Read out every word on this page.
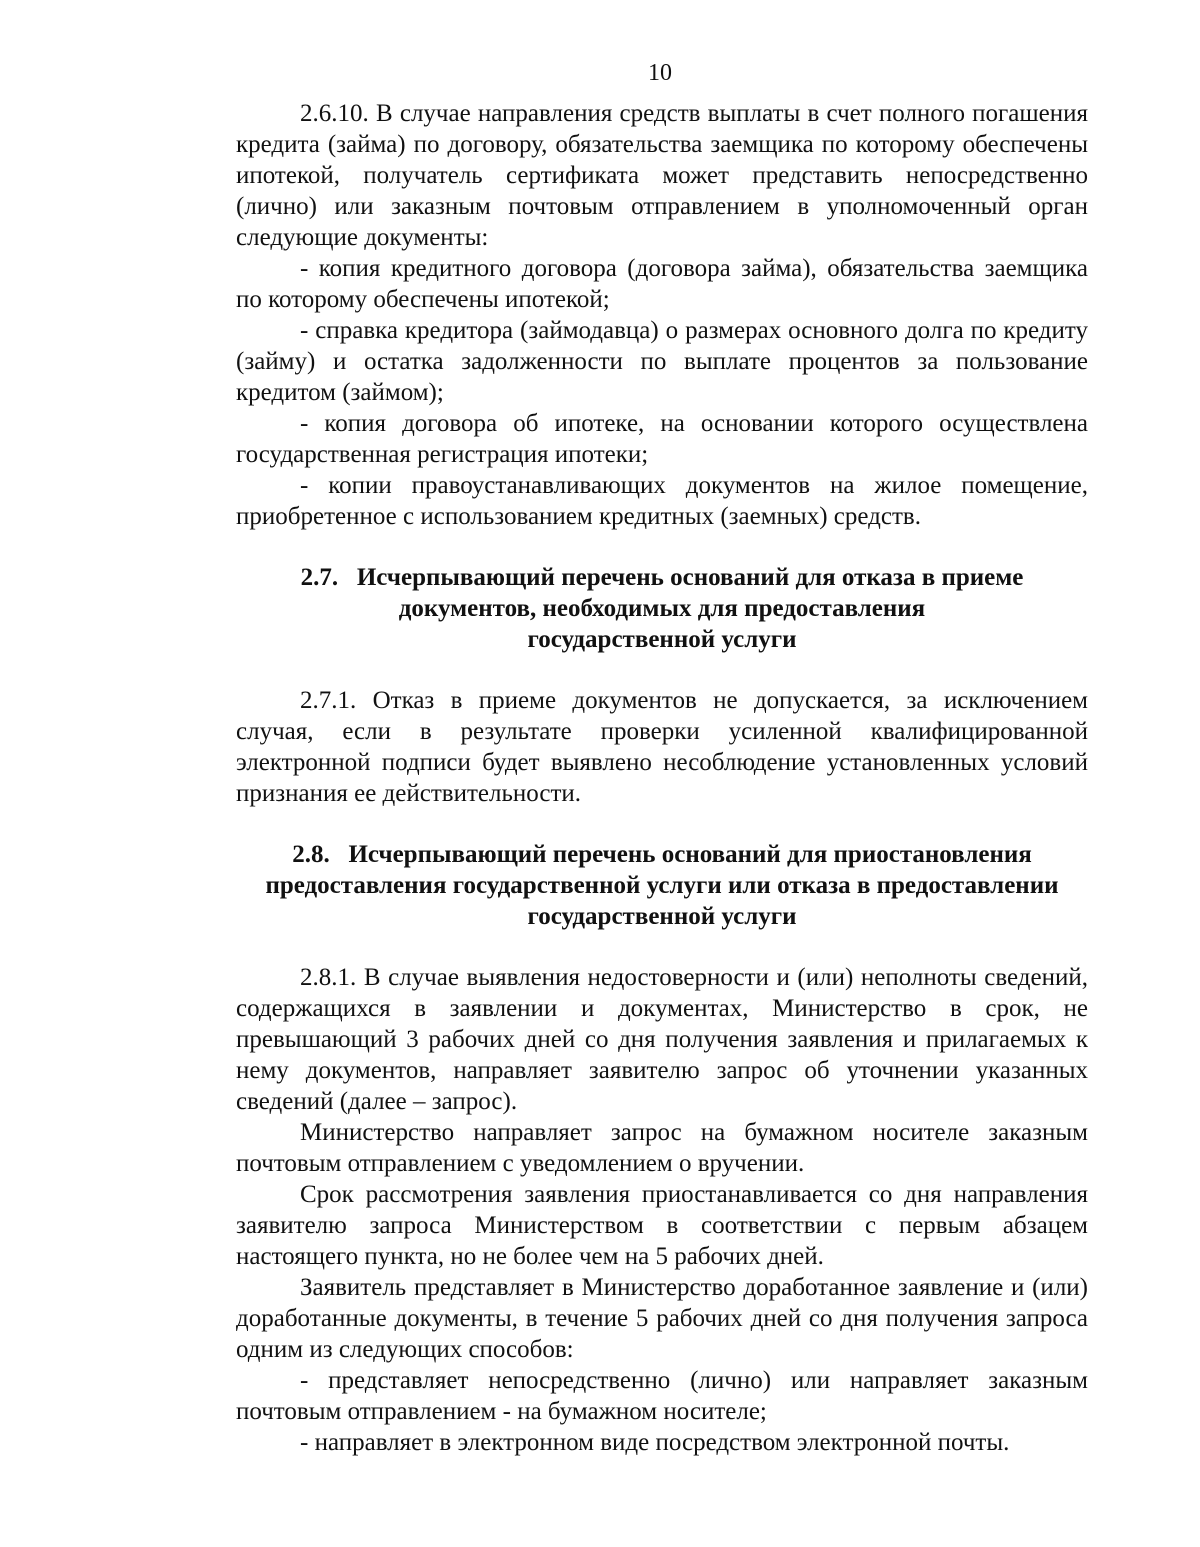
10

2.6.10. В случае направления средств выплаты в счет полного погашения кредита (займа) по договору, обязательства заемщика по которому обеспечены ипотекой, получатель сертификата может представить непосредственно (лично) или заказным почтовым отправлением в уполномоченный орган следующие документы:

- копия кредитного договора (договора займа), обязательства заемщика по которому обеспечены ипотекой;

- справка кредитора (займодавца) о размерах основного долга по кредиту (займу) и остатка задолженности по выплате процентов за пользование кредитом (займом);

- копия договора об ипотеке, на основании которого осуществлена государственная регистрация ипотеки;

- копии правоустанавливающих документов на жилое помещение, приобретенное с использованием кредитных (заемных) средств.

2.7.   Исчерпывающий перечень оснований для отказа в приеме
документов, необходимых для предоставления
государственной услуги

2.7.1. Отказ в приеме документов не допускается, за исключением случая, если в результате проверки усиленной квалифицированной электронной подписи будет выявлено несоблюдение установленных условий признания ее действительности.

2.8.   Исчерпывающий перечень оснований для приостановления
предоставления государственной услуги или отказа в предоставлении
государственной услуги

2.8.1. В случае выявления недостоверности и (или) неполноты сведений, содержащихся в заявлении и документах, Министерство в срок, не превышающий 3 рабочих дней со дня получения заявления и прилагаемых к нему документов, направляет заявителю запрос об уточнении указанных сведений (далее – запрос).

Министерство направляет запрос на бумажном носителе заказным почтовым отправлением с уведомлением о вручении.

Срок рассмотрения заявления приостанавливается со дня направления заявителю запроса Министерством в соответствии с первым абзацем настоящего пункта, но не более чем на 5 рабочих дней.

Заявитель представляет в Министерство доработанное заявление и (или) доработанные документы, в течение 5 рабочих дней со дня получения запроса одним из следующих способов:

- представляет непосредственно (лично) или направляет заказным почтовым отправлением - на бумажном носителе;

- направляет в электронном виде посредством электронной почты.
